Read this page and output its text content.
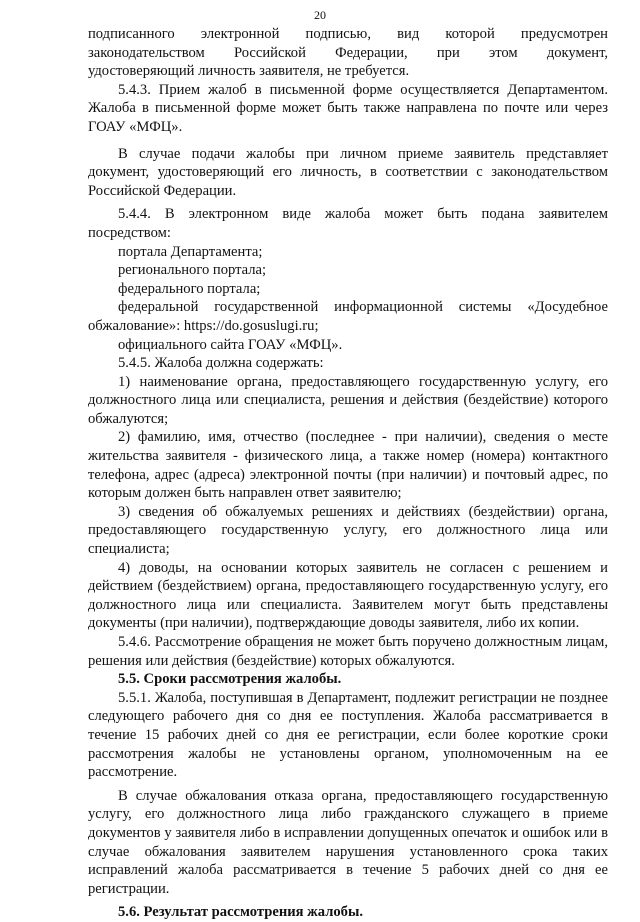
20

подписанного электронной подписью, вид которой предусмотрен законодательством Российской Федерации, при этом документ,

удостоверяющий личность заявителя, не требуется.

5.4.3. Прием жалоб в письменной форме осуществляется Департаментом. Жалоба в письменной форме может быть также направлена по почте или через ГОАУ «МФЦ».

В случае подачи жалобы при личном приеме заявитель представляет документ, удостоверяющий его личность, в соответствии с законодательством Российской Федерации.

5.4.4. В электронном виде жалоба может быть подана заявителем посредством:

портала Департамента;

регионального портала;

федерального портала;

федеральной государственной информационной системы «Досудебное обжалование»: https://do.gosuslugi.ru;

официального сайта ГОАУ «МФЦ».

5.4.5. Жалоба должна содержать:

1) наименование органа, предоставляющего государственную услугу, его должностного лица или специалиста, решения и действия (бездействие) которого обжалуются;

2) фамилию, имя, отчество (последнее - при наличии), сведения о месте жительства заявителя - физического лица, а также номер (номера) контактного телефона, адрес (адреса) электронной почты (при наличии) и почтовый адрес, по которым должен быть направлен ответ заявителю;

3) сведения об обжалуемых решениях и действиях (бездействии) органа, предоставляющего государственную услугу, его должностного лица или специалиста;

4) доводы, на основании которых заявитель не согласен с решением и действием (бездействием) органа, предоставляющего государственную услугу, его должностного лица или специалиста. Заявителем могут быть представлены документы (при наличии), подтверждающие доводы заявителя, либо их копии.

5.4.6. Рассмотрение обращения не может быть поручено должностным лицам, решения или действия (бездействие) которых обжалуются.

5.5. Сроки рассмотрения жалобы.

5.5.1. Жалоба, поступившая в Департамент, подлежит регистрации не позднее следующего рабочего дня со дня ее поступления. Жалоба рассматривается в течение 15 рабочих дней со дня ее регистрации, если более короткие сроки рассмотрения жалобы не установлены органом, уполномоченным на ее рассмотрение.

В случае обжалования отказа органа, предоставляющего государственную услугу, его должностного лица либо гражданского служащего в приеме документов у заявителя либо в исправлении допущенных опечаток и ошибок или в случае обжалования заявителем нарушения установленного срока таких исправлений жалоба рассматривается в течение 5 рабочих дней со дня ее регистрации.

5.6. Результат рассмотрения жалобы.
